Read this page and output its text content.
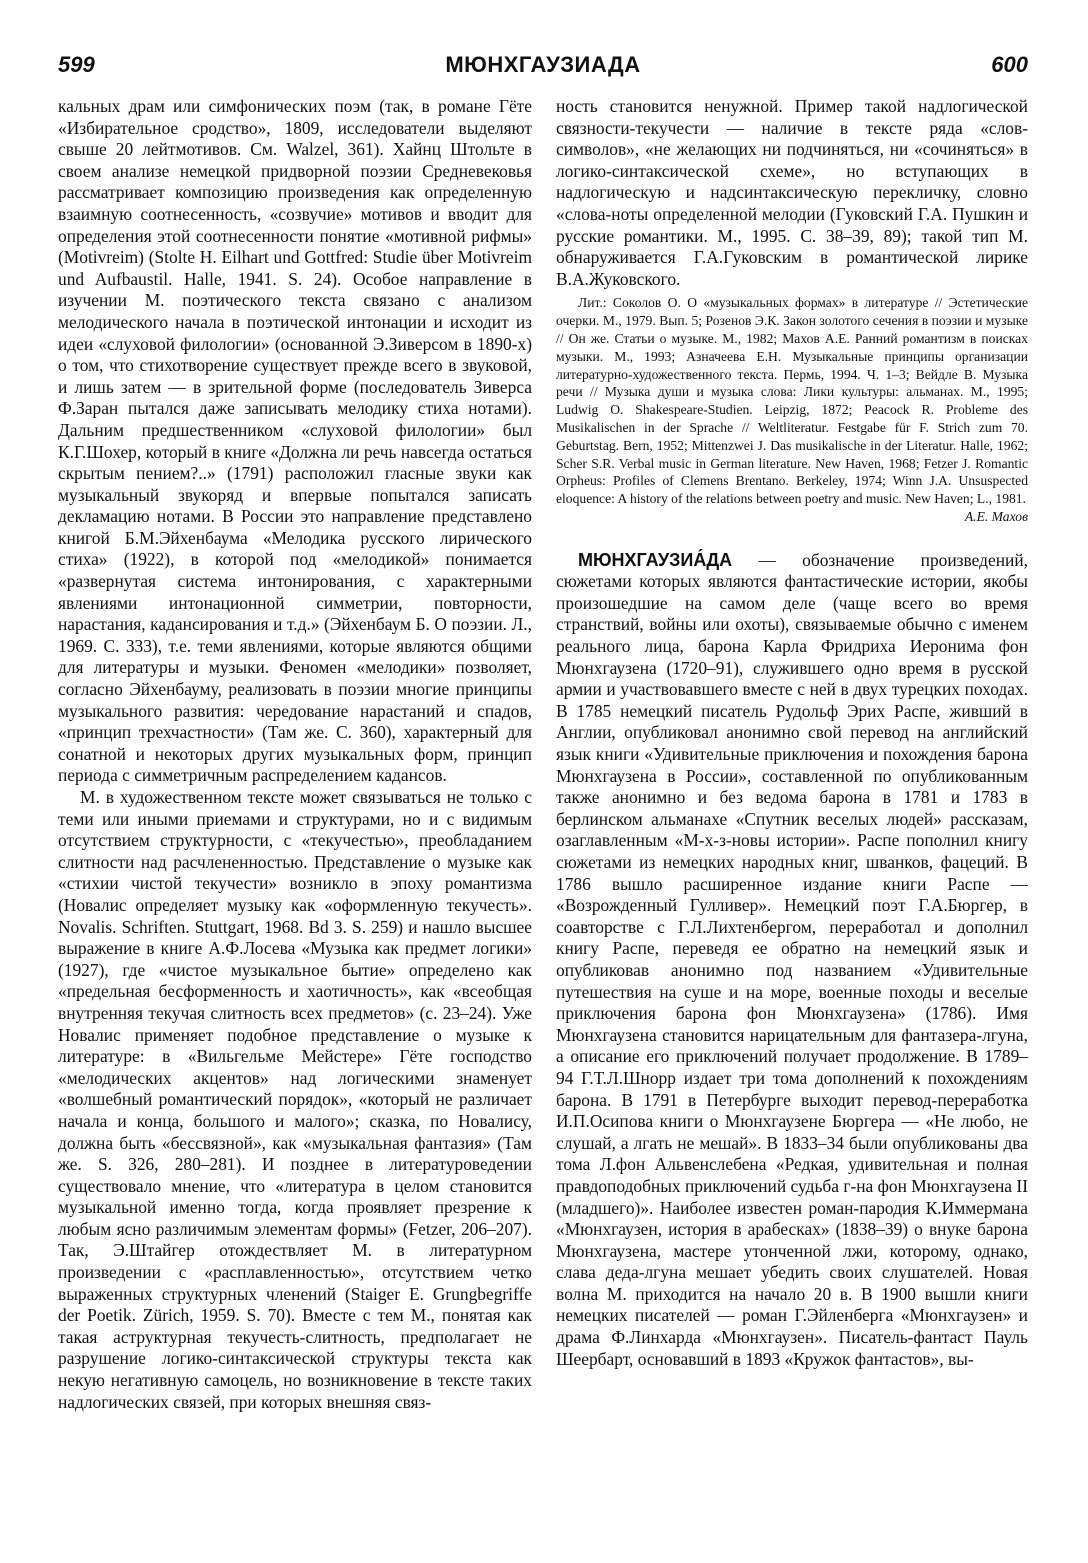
599	МЮНХГАУЗИАДА	600

кальных драм или симфонических поэм (так, в романе Гёте «Избирательное сродство», 1809, исследователи выделяют свыше 20 лейтмотивов. См. Walzel, 361). Хайнц Штольте в своем анализе немецкой придворной поэзии Средневековья рассматривает композицию произведения как определенную взаимную соотнесенность, «созвучие» мотивов и вводит для определения этой соотнесенности понятие «мотивной рифмы» (Motivreim) (Stolte H. Eilhart und Gottfred: Studie über Motivreim und Aufbaustil. Halle, 1941. S. 24). Особое направление в изучении М. поэтического текста связано с анализом мелодического начала в поэтической интонации и исходит из идеи «слуховой филологии» (основанной Э.Зиверсом в 1890-х) о том, что стихотворение существует прежде всего в звуковой, и лишь затем — в зрительной форме (последователь Зиверса Ф.Заран пытался даже записывать мелодику стиха нотами). Дальним предшественником «слуховой филологии» был К.Г.Шохер, который в книге «Должна ли речь навсегда остаться скрытым пением?..» (1791) расположил гласные звуки как музыкальный звукоряд и впервые попытался записать декламацию нотами. В России это направление представлено книгой Б.М.Эйхенбаума «Мелодика русского лирического стиха» (1922), в которой под «мелодикой» понимается «развернутая система интонирования, с характерными явлениями интонационной симметрии, повторности, нарастания, кадансирования и т.д.» (Эйхенбаум Б. О поэзии. Л., 1969. С. 333), т.е. теми явлениями, которые являются общими для литературы и музыки. Феномен «мелодики» позволяет, согласно Эйхенбауму, реализовать в поэзии многие принципы музыкального развития: чередование нарастаний и спадов, «принцип трехчастности» (Там же. С. 360), характерный для сонатной и некоторых других музыкальных форм, принцип периода с симметричным распределением кадансов.

М. в художественном тексте может связываться не только с теми или иными приемами и структурами, но и с видимым отсутствием структурности, с «текучестью», преобладанием слитности над расчлененностью. Представление о музыке как «стихии чистой текучести» возникло в эпоху романтизма (Новалис определяет музыку как «оформленную текучесть». Novalis. Schriften. Stuttgart, 1968. Bd 3. S. 259) и нашло высшее выражение в книге А.Ф.Лосева «Музыка как предмет логики» (1927), где «чистое музыкальное бытие» определено как «предельная бесформенность и хаотичность», как «всеобщая внутренняя текучая слитность всех предметов» (с. 23–24). Уже Новалис применяет подобное представление о музыке к литературе: в «Вильгельме Мейстере» Гёте господство «мелодических акцентов» над логическими знаменует «волшебный романтический порядок», «который не различает начала и конца, большого и малого»; сказка, по Новалису, должна быть «бессвязной», как «музыкальная фантазия» (Там же. S. 326, 280–281). И позднее в литературоведении существовало мнение, что «литература в целом становится музыкальной именно тогда, когда проявляет презрение к любым ясно различимым элементам формы» (Fetzer, 206–207). Так, Э.Штайгер отождествляет М. в литературном произведении с «расплавленностью», отсутствием четко выраженных структурных членений (Staiger E. Grungbegriffe der Poetik. Zürich, 1959. S. 70). Вместе с тем М., понятая как такая аструктурная текучесть-слитность, предполагает не разрушение логико-синтаксической структуры текста как некую негативную самоцель, но возникновение в тексте таких надлогических связей, при которых внешняя связ-

ность становится ненужной. Пример такой надлогической связности-текучести — наличие в тексте ряда «слов-символов», «не желающих ни подчиняться, ни «сочиняться» в логико-синтаксической схеме», но вступающих в надлогическую и надсинтаксическую перекличку, словно «слова-ноты определенной мелодии (Гуковский Г.А. Пушкин и русские романтики. М., 1995. С. 38–39, 89); такой тип М. обнаруживается Г.А.Гуковским в романтической лирике В.А.Жуковского.

Лит.: Соколов О. О «музыкальных формах» в литературе // Эстетические очерки. М., 1979. Вып. 5; Розенов Э.К. Закон золотого сечения в поэзии и музыке // Он же. Статьи о музыке. М., 1982; Махов А.Е. Ранний романтизм в поисках музыки. М., 1993; Азначеева Е.Н. Музыкальные принципы организации литературно-художественного текста. Пермь, 1994. Ч. 1–3; Вейдле В. Музыка речи // Музыка души и музыка слова: Лики культуры: альманах. М., 1995; Ludwig O. Shakespeare-Studien. Leipzig, 1872; Peacock R. Probleme des Musikalischen in der Sprache // Weltliteratur. Festgabe für F. Strich zum 70. Geburtstag. Bern, 1952; Mittenzwei J. Das musikalische in der Literatur. Halle, 1962; Scher S.R. Verbal music in German literature. New Haven, 1968; Fetzer J. Romantic Orpheus: Profiles of Clemens Brentano. Berkeley, 1974; Winn J.A. Unsuspected eloquence: A history of the relations between poetry and music. New Haven; L., 1981.
А.Е. Махов

МЮНХГАУЗИА́ДА — обозначение произведений, сюжетами которых являются фантастические истории, якобы произошедшие на самом деле (чаще всего во время странствий, войны или охоты), связываемые обычно с именем реального лица, барона Карла Фридриха Иеронима фон Мюнхгаузена (1720–91), служившего одно время в русской армии и участвовавшего вместе с ней в двух турецких походах. В 1785 немецкий писатель Рудольф Эрих Распе, живший в Англии, опубликовал анонимно свой перевод на английский язык книги «Удивительные приключения и похождения барона Мюнхгаузена в России», составленной по опубликованным также анонимно и без ведома барона в 1781 и 1783 в берлинском альманахе «Спутник веселых людей» рассказам, озаглавленным «М-х-з-новы истории». Распе пополнил книгу сюжетами из немецких народных книг, шванков, фацеций. В 1786 вышло расширенное издание книги Распе — «Возрожденный Гулливер». Немецкий поэт Г.А.Бюргер, в соавторстве с Г.Л.Лихтенбергом, переработал и дополнил книгу Распе, переведя ее обратно на немецкий язык и опубликовав анонимно под названием «Удивительные путешествия на суше и на море, военные походы и веселые приключения барона фон Мюнхгаузена» (1786). Имя Мюнхгаузена становится нарицательным для фантазера-лгуна, а описание его приключений получает продолжение. В 1789–94 Г.Т.Л.Шнорр издает три тома дополнений к похождениям барона. В 1791 в Петербурге выходит перевод-переработка И.П.Осипова книги о Мюнхгаузене Бюргера — «Не любо, не слушай, а лгать не мешай». В 1833–34 были опубликованы два тома Л.фон Альвенслебена «Редкая, удивительная и полная правдоподобных приключений судьба г-на фон Мюнхгаузена II (младшего)». Наиболее известен роман-пародия К.Иммермана «Мюнхгаузен, история в арабесках» (1838–39) о внуке барона Мюнхгаузена, мастере утонченной лжи, которому, однако, слава деда-лгуна мешает убедить своих слушателей. Новая волна М. приходится на начало 20 в. В 1900 вышли книги немецких писателей — роман Г.Эйленберга «Мюнхгаузен» и драма Ф.Линхарда «Мюнхгаузен». Писатель-фантаст Пауль Шеербарт, основавший в 1893 «Кружок фантастов», вы-
